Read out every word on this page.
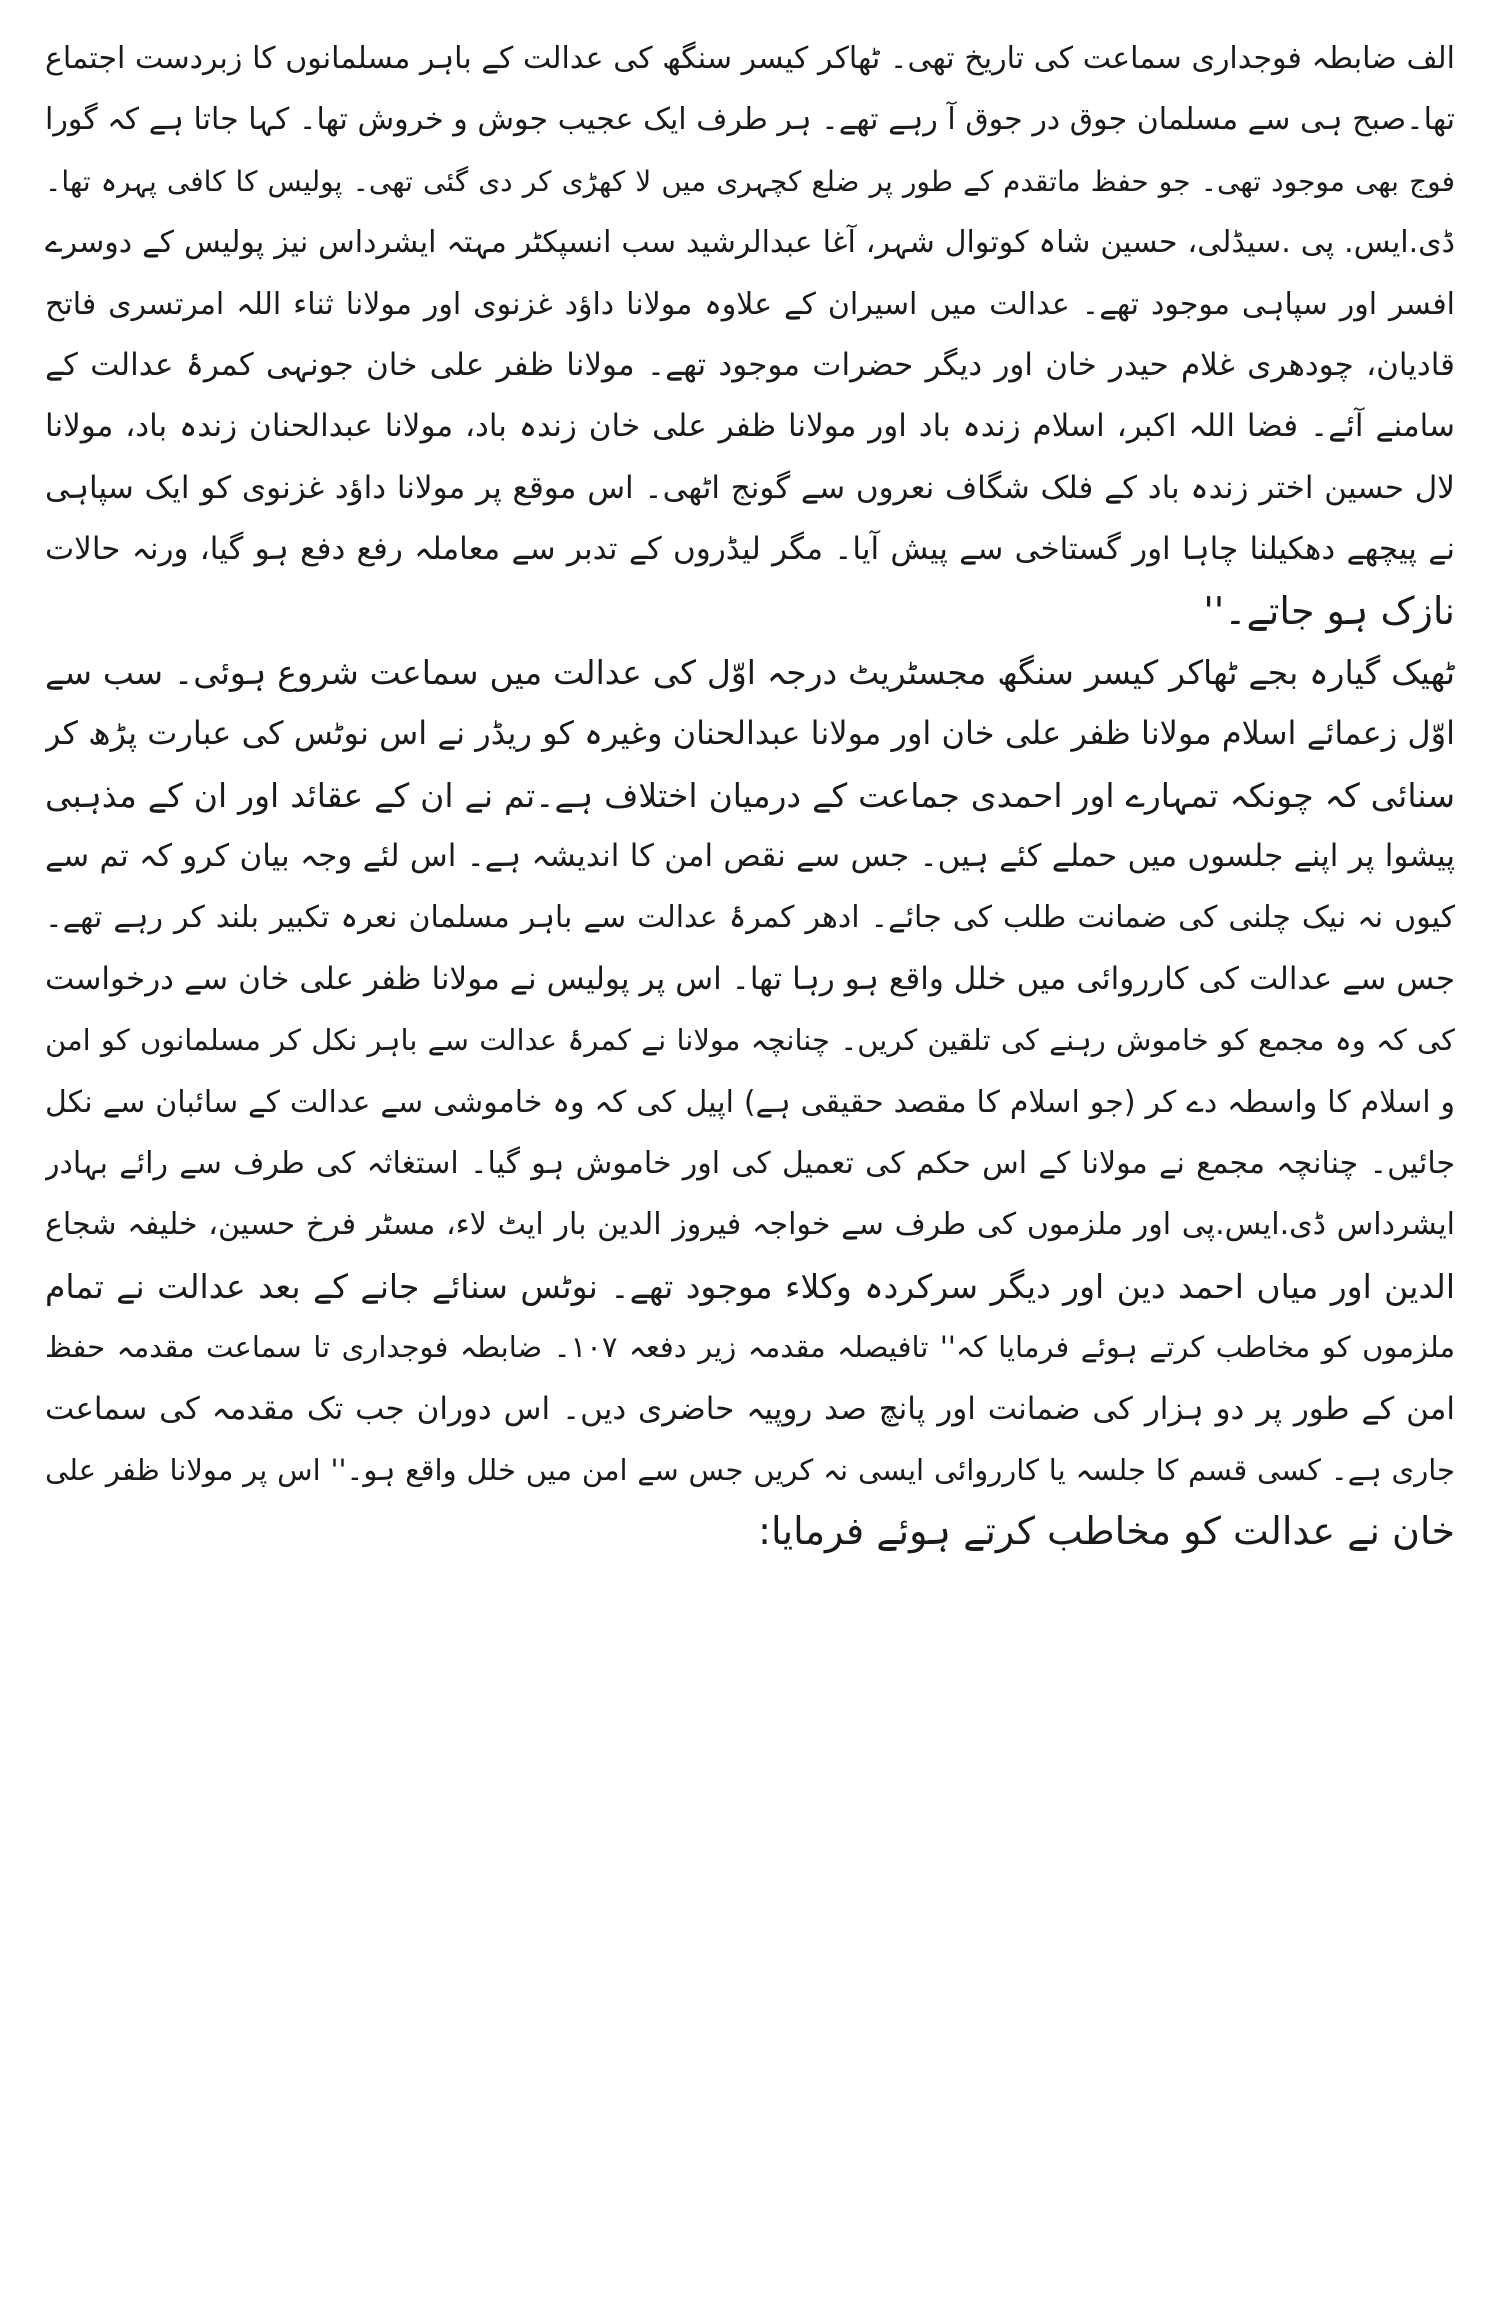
الف ضابطہ فوجداری سماعت کی تاریخ تھی۔ ٹھاکر کیسر سنگھ کی عدالت کے باہر مسلمانوں کا زبردست اجتماع
تھا۔صبح ہی سے مسلمان جوق در جوق آ رہے تھے۔ ہر طرف ایک عجیب جوش و خروش تھا۔ کہا جاتا ہے کہ گورا
فوج بھی موجود تھی۔ جو حفظ ماتقدم کے طور پر ضلع کچہری میں لا کھڑی کر دی گئی تھی۔ پولیس کا کافی پہرہ تھا۔
ڈی.ایس. پی .سیڈلی، حسین شاہ کوتوال شہر، آغا عبدالرشید سب انسپکٹر مہتہ ایشرداس نیز پولیس کے دوسرے
افسر اور سپاہی موجود تھے۔ عدالت میں اسیران کے علاوہ مولانا داؤد غزنوی اور مولانا ثناء اللہ امرتسری فاتح
قادیان، چودھری غلام حیدر خان اور دیگر حضرات موجود تھے۔ مولانا ظفر علی خان جونہی کمرۂ عدالت کے
سامنے آئے۔ فضا اللہ اکبر، اسلام زندہ باد اور مولانا ظفر علی خان زندہ باد، مولانا عبدالحنان زندہ باد، مولانا
لال حسین اختر زندہ باد کے فلک شگاف نعروں سے گونج اٹھی۔ اس موقع پر مولانا داؤد غزنوی کو ایک سپاہی
نے پیچھے دھکیلنا چاہا اور گستاخی سے پیش آیا۔ مگر لیڈروں کے تدبر سے معاملہ رفع دفع ہو گیا، ورنہ حالات
نازک ہو جاتے۔''
ٹھیک گیارہ بجے ٹھاکر کیسر سنگھ مجسٹریٹ درجہ اوّل کی عدالت میں سماعت شروع ہوئی۔ سب سے
اوّل زعمائے اسلام مولانا ظفر علی خان اور مولانا عبدالحنان وغیرہ کو ریڈر نے اس نوٹس کی عبارت پڑھ کر
سنائی کہ چونکہ تمہارے اور احمدی جماعت کے درمیان اختلاف ہے۔تم نے ان کے عقائد اور ان کے مذہبی
پیشوا پر اپنے جلسوں میں حملے کئے ہیں۔ جس سے نقص امن کا اندیشہ ہے۔ اس لئے وجہ بیان کرو کہ تم سے
کیوں نہ نیک چلنی کی ضمانت طلب کی جائے۔ ادھر کمرۂ عدالت سے باہر مسلمان نعرہ تکبیر بلند کر رہے تھے۔
جس سے عدالت کی کارروائی میں خلل واقع ہو رہا تھا۔ اس پر پولیس نے مولانا ظفر علی خان سے درخواست
کی کہ وہ مجمع کو خاموش رہنے کی تلقین کریں۔ چنانچہ مولانا نے کمرۂ عدالت سے باہر نکل کر مسلمانوں کو امن
و اسلام کا واسطہ دے کر (جو اسلام کا مقصد حقیقی ہے) اپیل کی کہ وہ خاموشی سے عدالت کے سائبان سے نکل
جائیں۔ چنانچہ مجمع نے مولانا کے اس حکم کی تعمیل کی اور خاموش ہو گیا۔ استغاثہ کی طرف سے رائے بہادر
ایشرداس ڈی.ایس.پی اور ملزموں کی طرف سے خواجہ فیروز الدین بار ایٹ لاء، مسٹر فرخ حسین، خلیفہ شجاع
الدین اور میاں احمد دین اور دیگر سرکردہ وکلاء موجود تھے۔ نوٹس سنائے جانے کے بعد عدالت نے تمام
ملزموں کو مخاطب کرتے ہوئے فرمایا کہ'' تافیصلہ مقدمہ زیر دفعہ ۱۰۷۔ ضابطہ فوجداری تا سماعت مقدمہ حفظ
امن کے طور پر دو ہزار کی ضمانت اور پانچ صد روپیہ حاضری دیں۔ اس دوران جب تک مقدمہ کی سماعت
جاری ہے۔ کسی قسم کا جلسہ یا کارروائی ایسی نہ کریں جس سے امن میں خلل واقع ہو۔'' اس پر مولانا ظفر علی
خان نے عدالت کو مخاطب کرتے ہوئے فرمایا:
